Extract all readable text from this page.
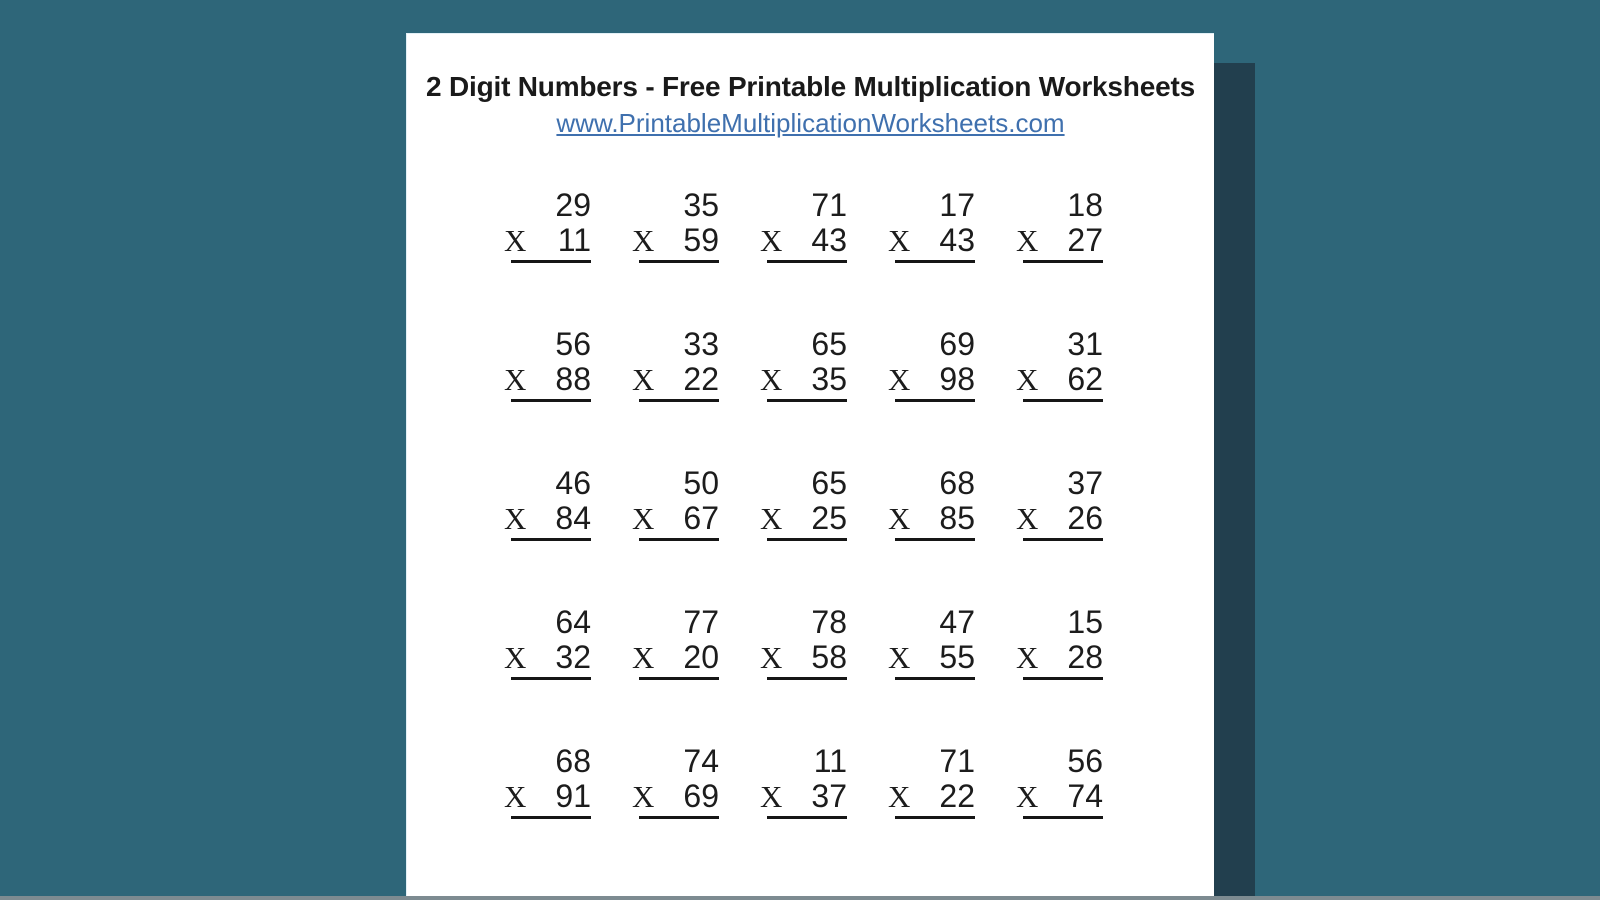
2 Digit Numbers - Free Printable Multiplication Worksheets
www.PrintableMultiplicationWorksheets.com
29
X 11
35
X 59
71
X 43
17
X 43
18
X 27
56
X 88
33
X 22
65
X 35
69
X 98
31
X 62
46
X 84
50
X 67
65
X 25
68
X 85
37
X 26
64
X 32
77
X 20
78
X 58
47
X 55
15
X 28
68
X 91
74
X 69
11
X 37
71
X 22
56
X 74
